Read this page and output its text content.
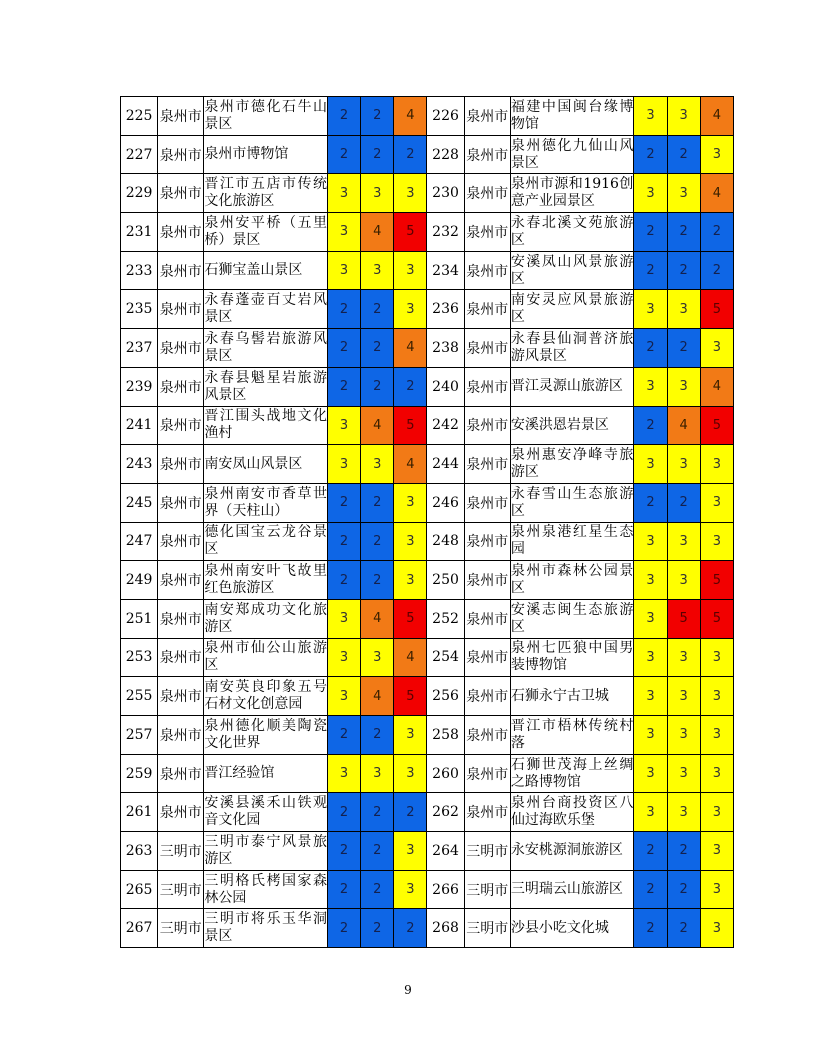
225	泉州市	泉州市德化石牛山景区	2	2	4	226	泉州市	福建中国闽台缘博物馆	3	3	4
227	泉州市	泉州市博物馆	2	2	2	228	泉州市	泉州德化九仙山风景区	2	2	3
229	泉州市	晋江市五店市传统文化旅游区	3	3	3	230	泉州市	泉州市源和1916创意产业园景区	3	3	4
231	泉州市	泉州安平桥（五里桥）景区	3	4	5	232	泉州市	永春北溪文苑旅游区	2	2	2
233	泉州市	石狮宝盖山景区	3	3	3	234	泉州市	安溪凤山风景旅游区	2	2	2
235	泉州市	永春蓬壶百丈岩风景区	2	2	3	236	泉州市	南安灵应风景旅游区	3	3	5
237	泉州市	永春乌髻岩旅游风景区	2	2	4	238	泉州市	永春县仙洞普济旅游风景区	2	2	3
239	泉州市	永春县魁星岩旅游风景区	2	2	2	240	泉州市	晋江灵源山旅游区	3	3	4
241	泉州市	晋江围头战地文化渔村	3	4	5	242	泉州市	安溪洪恩岩景区	2	4	5
243	泉州市	南安凤山风景区	3	3	4	244	泉州市	泉州惠安净峰寺旅游区	3	3	3
245	泉州市	泉州南安市香草世界（天柱山）	2	2	3	246	泉州市	永春雪山生态旅游区	2	2	3
247	泉州市	德化国宝云龙谷景区	2	2	3	248	泉州市	泉州泉港红星生态园	3	3	3
249	泉州市	泉州南安叶飞故里红色旅游区	2	2	3	250	泉州市	泉州市森林公园景区	3	3	5
251	泉州市	南安郑成功文化旅游区	3	4	5	252	泉州市	安溪志闽生态旅游区	3	5	5
253	泉州市	泉州市仙公山旅游区	3	3	4	254	泉州市	泉州七匹狼中国男装博物馆	3	3	3
255	泉州市	南安英良印象五号石材文化创意园	3	4	5	256	泉州市	石狮永宁古卫城	3	3	3
257	泉州市	泉州德化顺美陶瓷文化世界	2	2	3	258	泉州市	晋江市梧林传统村落	3	3	3
259	泉州市	晋江经验馆	3	3	3	260	泉州市	石狮世茂海上丝绸之路博物馆	3	3	3
261	泉州市	安溪县溪禾山铁观音文化园	2	2	2	262	泉州市	泉州台商投资区八仙过海欧乐堡	3	3	3
263	三明市	三明市泰宁风景旅游区	2	2	3	264	三明市	永安桃源洞旅游区	2	2	3
265	三明市	三明格氏栲国家森林公园	2	2	3	266	三明市	三明瑞云山旅游区	2	2	3
267	三明市	三明市将乐玉华洞景区	2	2	2	268	三明市	沙县小吃文化城	2	2	3
9
